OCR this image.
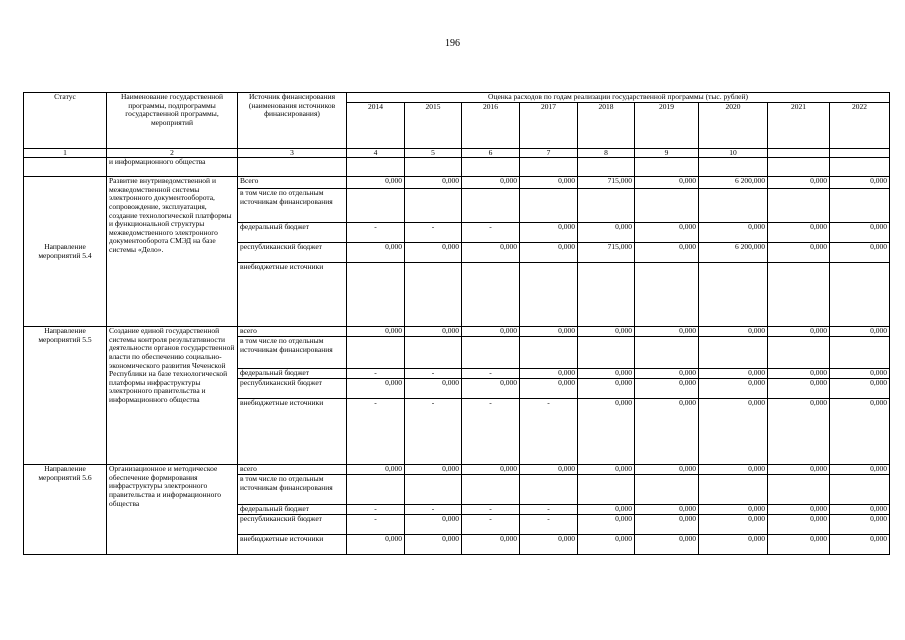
196
Статус	Наименование государственной программы, подпрограммы государственной программы, мероприятий	Источник финансирования (наименования источников финансирования)	Оценка расходов по годам реализации государственной программы (тыс. рублей)								
			2014	2015	2016	2017	2018	2019	2020	2021	2022
1	2	3	4	5	6	7	8	9	10		
	и информационного общества										
Направление мероприятий 5.4	Развитие внутриведомственной и межведомственной системы электронного документооборота, сопровождение, эксплуатация, создание технологической платформы и функциональной структуры межведомственного электронного документооборота СМЭД на базе системы «Дело».	Всего	0,000	0,000	0,000	0,000	715,000	0,000	6 200,000	0,000	0,000
		в том числе по отдельным источникам финансирования									
		федеральный бюджет	-	-	-	0,000	0,000	0,000	0,000	0,000	0,000
		республиканский бюджет	0,000	0,000	0,000	0,000	715,000	0,000	6 200,000	0,000	0,000
		внебюджетные источники									
Направление мероприятий 5.5	Создание единой государственной системы контроля результативности деятельности органов государственной власти по обеспечению социально-экономического развития Чеченской Республики на базе технологической платформы инфраструктуры электронного правительства и информационного общества	всего	0,000	0,000	0,000	0,000	0,000	0,000	0,000	0,000	0,000
		в том числе по отдельным источникам финансирования									
		федеральный бюджет	-	-	-	0,000	0,000	0,000	0,000	0,000	0,000
		республиканский бюджет	0,000	0,000	0,000	0,000	0,000	0,000	0,000	0,000	0,000
		внебюджетные источники	-	-	-	-	0,000	0,000	0,000	0,000	0,000
Направление мероприятий 5.6	Организационное и методическое обеспечение формирования инфраструктуры электронного правительства и информационного общества	всего	0,000	0,000	0,000	0,000	0,000	0,000	0,000	0,000	0,000
		в том числе по отдельным источникам финансирования									
		федеральный бюджет	-	-	-	-	0,000	0,000	0,000	0,000	0,000
		республиканский бюджет	-	0,000	-	-	0,000	0,000	0,000	0,000	0,000
		внебюджетные источники	0,000	0,000	0,000	0,000	0,000	0,000	0,000	0,000	0,000
